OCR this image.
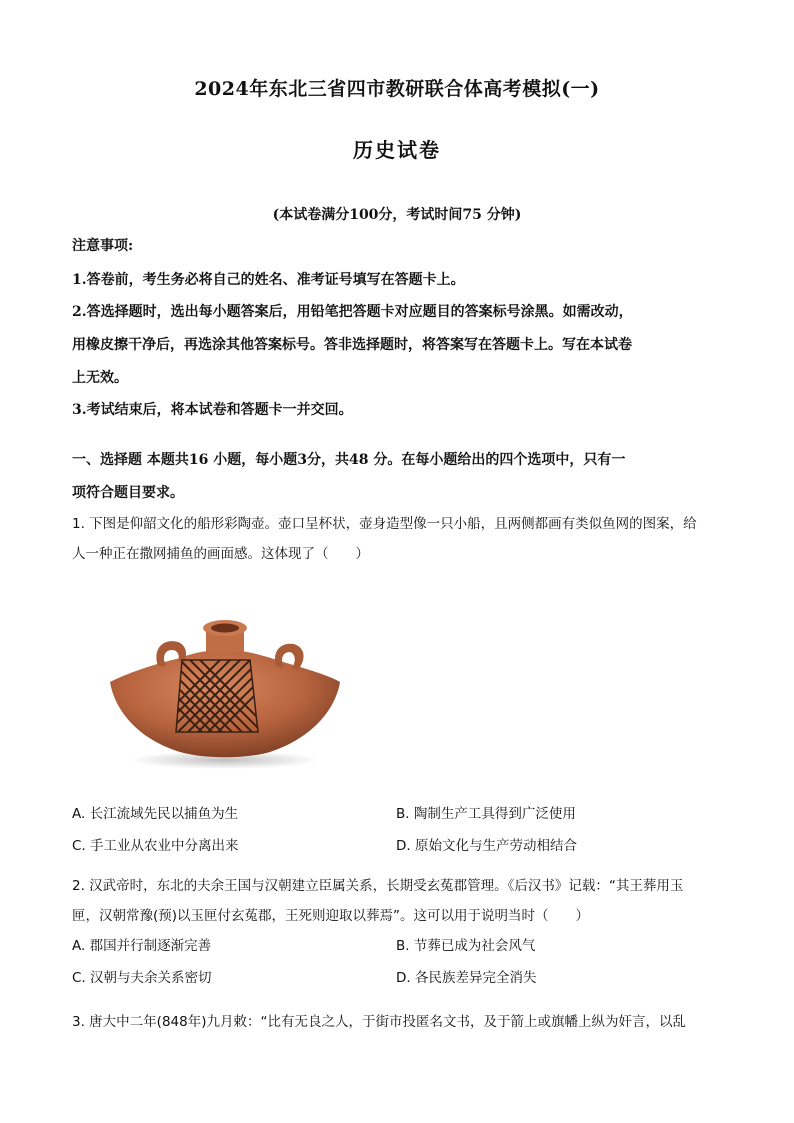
2024年东北三省四市教研联合体高考模拟(一)
历史试卷
(本试卷满分100分，考试时间75 分钟)
注意事项:
1.答卷前，考生务必将自己的姓名、准考证号填写在答题卡上。
2.答选择题时，选出每小题答案后，用铅笔把答题卡对应题目的答案标号涂黑。如需改动，
用橡皮擦干净后，再选涂其他答案标号。答非选择题时，将答案写在答题卡上。写在本试卷
上无效。
3.考试结束后，将本试卷和答题卡一并交回。
一、选择题 本题共16 小题，每小题3分，共48 分。在每小题给出的四个选项中，只有一
项符合题目要求。
1. 下图是仰韶文化的船形彩陶壶。壶口呈杯状，壶身造型像一只小船，且两侧都画有类似鱼网的图案，给
人一种正在撒网捕鱼的画面感。这体现了（　　）
A. 长江流域先民以捕鱼为生	B. 陶制生产工具得到广泛使用
C. 手工业从农业中分离出来	D. 原始文化与生产劳动相结合
2. 汉武帝时，东北的夫余王国与汉朝建立臣属关系，长期受玄菟郡管理。《后汉书》记载：“其王葬用玉
匣，汉朝常豫(预)以玉匣付玄菟郡，王死则迎取以葬焉”。这可以用于说明当时（　　）
A. 郡国并行制逐渐完善	B. 节葬已成为社会风气
C. 汉朝与夫余关系密切	D. 各民族差异完全消失
3. 唐大中二年(848年)九月敕：“比有无良之人，于街市投匿名文书，及于箭上或旗幡上纵为奸言，以乱
